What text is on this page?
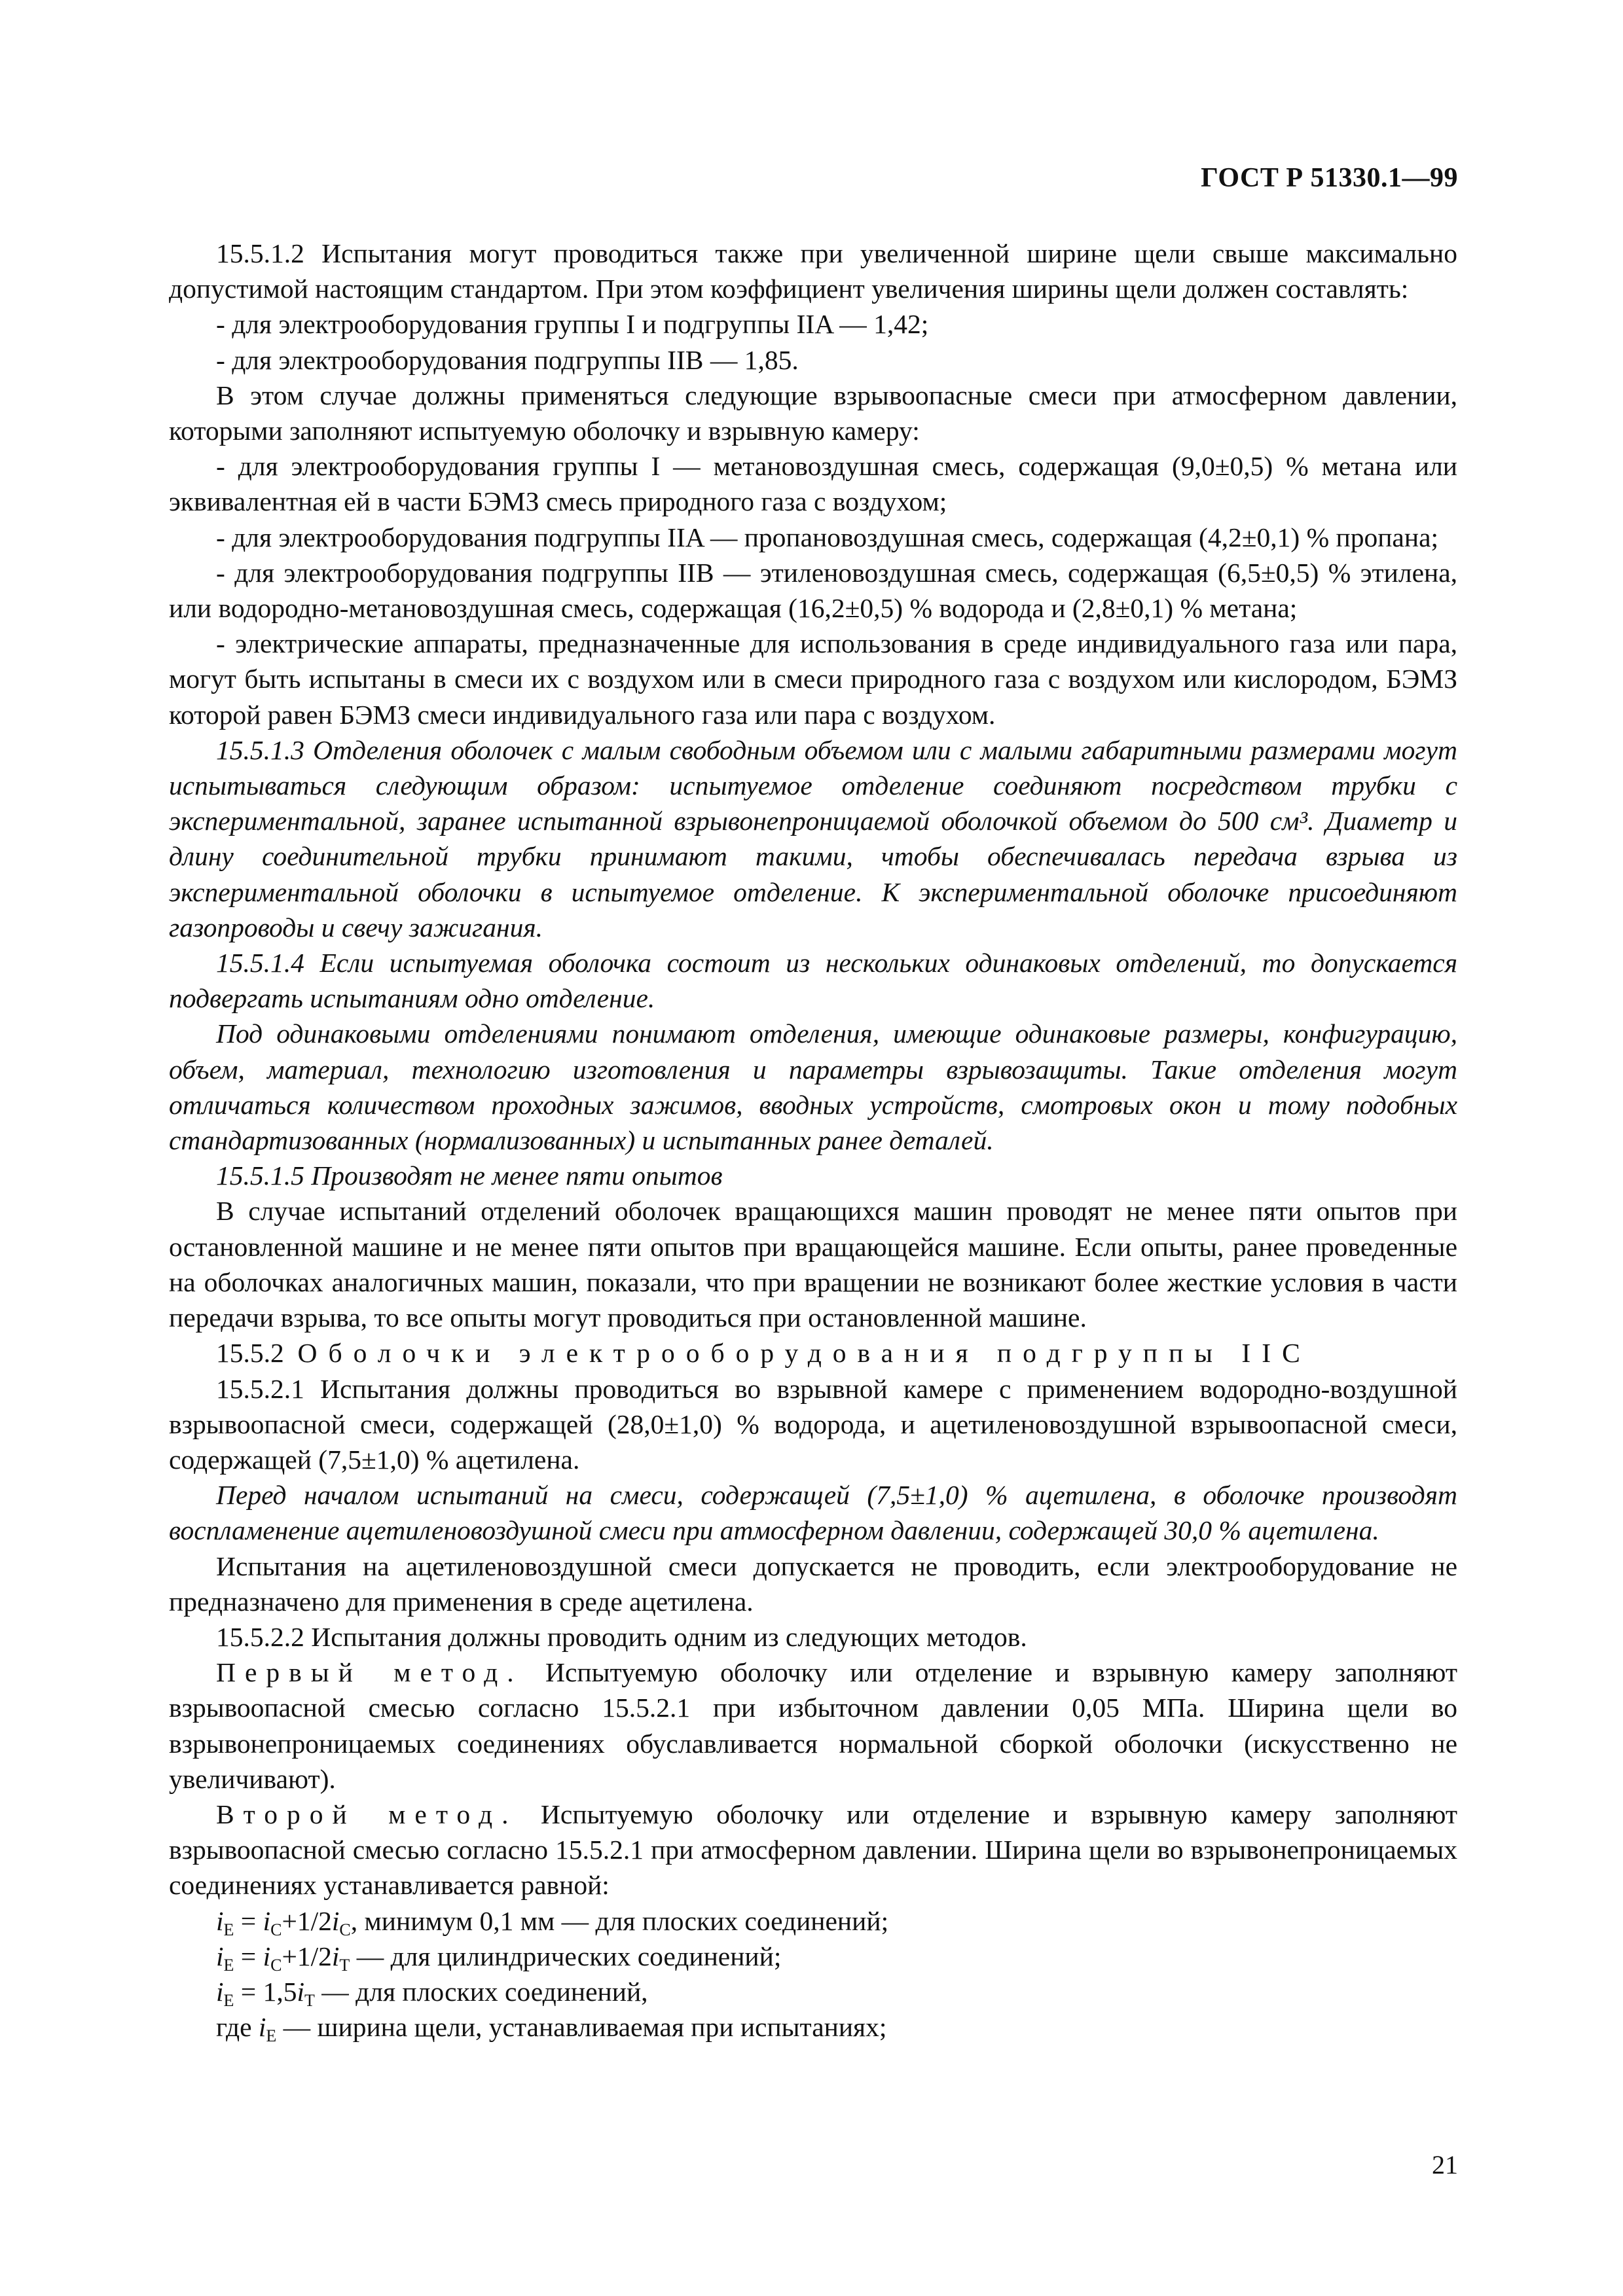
ГОСТ Р 51330.1—99

15.5.1.2 Испытания могут проводиться также при увеличенной ширине щели свыше максимально допустимой настоящим стандартом. При этом коэффициент увеличения ширины щели должен составлять:

- для электрооборудования группы I и подгруппы IIA — 1,42;

- для электрооборудования подгруппы IIB — 1,85.

В этом случае должны применяться следующие взрывоопасные смеси при атмосферном давлении, которыми заполняют испытуемую оболочку и взрывную камеру:

- для электрооборудования группы I — метановоздушная смесь, содержащая (9,0±0,5) % метана или эквивалентная ей в части БЭМЗ смесь природного газа с воздухом;

- для электрооборудования подгруппы IIA — пропановоздушная смесь, содержащая (4,2±0,1) % пропана;

- для электрооборудования подгруппы IIB — этиленовоздушная смесь, содержащая (6,5±0,5) % этилена, или водородно-метановоздушная смесь, содержащая (16,2±0,5) % водорода и (2,8±0,1) % метана;

- электрические аппараты, предназначенные для использования в среде индивидуального газа или пара, могут быть испытаны в смеси их с воздухом или в смеси природного газа с воздухом или кислородом, БЭМЗ которой равен БЭМЗ смеси индивидуального газа или пара с воздухом.

15.5.1.3 Отделения оболочек с малым свободным объемом или с малыми габаритными размерами могут испытываться следующим образом: испытуемое отделение соединяют посредством трубки с экспериментальной, заранее испытанной взрывонепроницаемой оболочкой объемом до 500 см³. Диаметр и длину соединительной трубки принимают такими, чтобы обеспечивалась передача взрыва из экспериментальной оболочки в испытуемое отделение. К экспериментальной оболочке присоединяют газопроводы и свечу зажигания.

15.5.1.4 Если испытуемая оболочка состоит из нескольких одинаковых отделений, то допускается подвергать испытаниям одно отделение.

Под одинаковыми отделениями понимают отделения, имеющие одинаковые размеры, конфигурацию, объем, материал, технологию изготовления и параметры взрывозащиты. Такие отделения могут отличаться количеством проходных зажимов, вводных устройств, смотровых окон и тому подобных стандартизованных (нормализованных) и испытанных ранее деталей.

15.5.1.5 Производят не менее пяти опытов

В случае испытаний отделений оболочек вращающихся машин проводят не менее пяти опытов при остановленной машине и не менее пяти опытов при вращающейся машине. Если опыты, ранее проведенные на оболочках аналогичных машин, показали, что при вращении не возникают более жесткие условия в части передачи взрыва, то все опыты могут проводиться при остановленной машине.

15.5.2 Оболочки электрооборудования подгруппы IIC

15.5.2.1 Испытания должны проводиться во взрывной камере с применением водородно-воздушной взрывоопасной смеси, содержащей (28,0±1,0) % водорода, и ацетиленовоздушной взрывоопасной смеси, содержащей (7,5±1,0) % ацетилена.

Перед началом испытаний на смеси, содержащей (7,5±1,0) % ацетилена, в оболочке производят воспламенение ацетиленовоздушной смеси при атмосферном давлении, содержащей 30,0 % ацетилена.

Испытания на ацетиленовоздушной смеси допускается не проводить, если электрооборудование не предназначено для применения в среде ацетилена.

15.5.2.2 Испытания должны проводить одним из следующих методов.

Первый метод. Испытуемую оболочку или отделение и взрывную камеру заполняют взрывоопасной смесью согласно 15.5.2.1 при избыточном давлении 0,05 МПа. Ширина щели во взрывонепроницаемых соединениях обуславливается нормальной сборкой оболочки (искусственно не увеличивают).

Второй метод. Испытуемую оболочку или отделение и взрывную камеру заполняют взрывоопасной смесью согласно 15.5.2.1 при атмосферном давлении. Ширина щели во взрывонепроницаемых соединениях устанавливается равной:

$i_E = i_C+1/2i_C$, минимум 0,1 мм — для плоских соединений;

$i_E = i_C+1/2i_T$ — для цилиндрических соединений;

$i_E = 1,5i_T$ — для плоских соединений,

где $i_E$ — ширина щели, устанавливаемая при испытаниях;

21
